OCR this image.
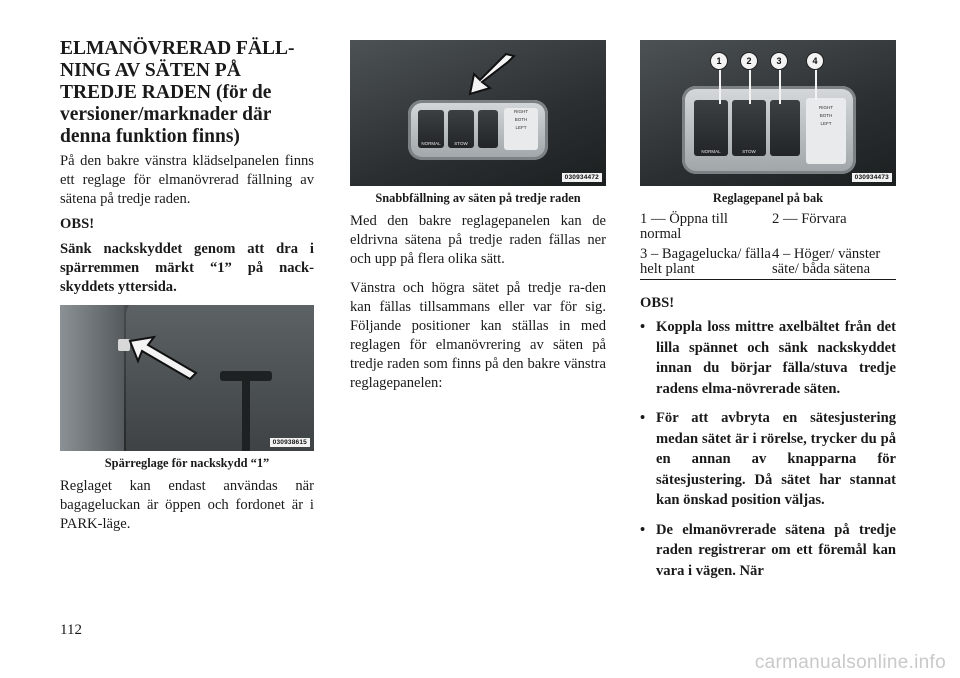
ELMANÖVRERAD FÄLL-NING AV SÄTEN PÅ TREDJE RADEN (för de versioner/marknader där denna funktion finns)

På den bakre vänstra klädselpanelen finns ett reglage för elmanövrerad fällning av sätena på tredje raden.

OBS!

Sänk nackskyddet genom att dra i spärremmen märkt “1” på nack-skyddets yttersida.

030938615
Spärreglage för nackskydd “1”

Reglaget kan endast användas när bagageluckan är öppen och fordonet är i PARK-läge.

NORMAL	STOW
RIGHT
BOTH
LEFT
030934472
Snabbfällning av säten på tredje raden

Med den bakre reglagepanelen kan de eldrivna sätena på tredje raden fällas ner och upp på flera olika sätt.

Vänstra och högra sätet på tredje ra-den kan fällas tillsammans eller var för sig. Följande positioner kan ställas in med reglagen för elmanövrering av säten på tredje raden som finns på den bakre vänstra reglagepanelen:

NORMAL	STOW
RIGHT
BOTH
LEFT
1	2	3	4
030934473
Reglagepanel på bak
1 — Öppna till normal
2 — Förvara
3 – Bagagelucka/ fälla helt plant
4 – Höger/ vänster säte/ båda sätena

OBS!

• Koppla loss mittre axelbältet från det lilla spännet och sänk nackskyddet innan du börjar fälla/stuva tredje radens elma-növrerade säten.
• För att avbryta en sätesjustering medan sätet är i rörelse, trycker du på en annan av knapparna för sätesjustering. Då sätet har stannat kan önskad position väljas.
• De elmanövrerade sätena på tredje raden registrerar om ett föremål kan vara i vägen. När
112
carmanualsonline.info
